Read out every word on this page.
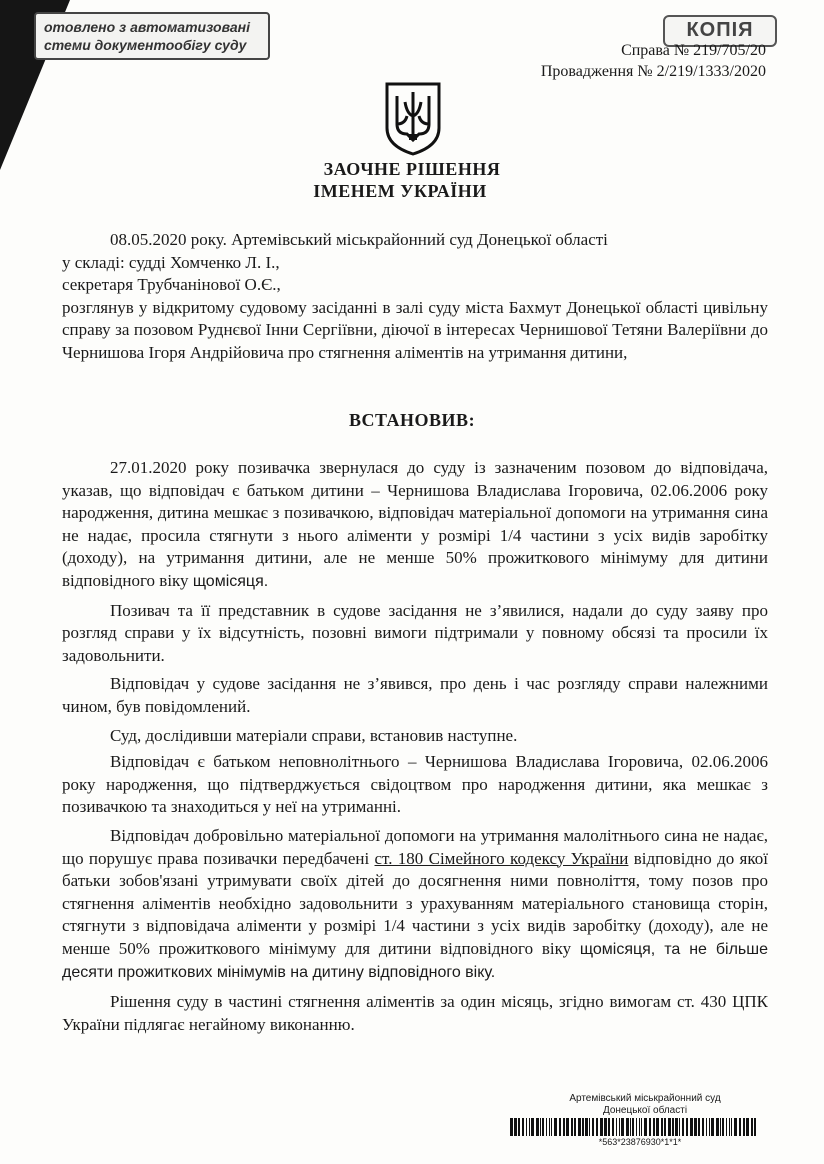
отовлено з автоматизовані
стеми документообігу суду
КОПІЯ
Справа № 219/705/20
Провадження № 2/219/1333/2020
ЗАОЧНЕ РІШЕННЯ
ІМЕНЕМ УКРАЇНИ

08.05.2020 року. Артемівський міськрайонний суд Донецької області

у складі: судді Хомченко Л. І.,

секретаря Трубчанінової О.Є.,

розглянув у відкритому судовому засіданні в залі суду міста Бахмут Донецької області цивільну справу за позовом Руднєвої Інни Сергіївни, діючої в інтересах Чернишової Тетяни Валеріївни до Чернишова Ігоря Андрійовича про стягнення аліментів на утримання дитини,

ВСТАНОВИВ:

27.01.2020 року позивачка звернулася до суду із зазначеним позовом до відповідача, указав, що відповідач є батьком дитини – Чернишова Владислава Ігоровича, 02.06.2006 року народження, дитина мешкає з позивачкою, відповідач матеріальної допомоги на утримання сина не надає, просила стягнути з нього аліменти у розмірі 1/4 частини з усіх видів заробітку (доходу), на утримання дитини, але не менше 50% прожиткового мінімуму для дитини відповідного віку щомісяця.

Позивач та її представник в судове засідання не з’явилися, надали до суду заяву про розгляд справи у їх відсутність, позовні вимоги підтримали у повному обсязі та просили їх задовольнити.

Відповідач у судове засідання не з’явився, про день і час розгляду справи належними чином, був повідомлений.

Суд, дослідивши матеріали справи, встановив наступне.

Відповідач є батьком неповнолітнього – Чернишова Владислава Ігоровича, 02.06.2006 року народження, що підтверджується свідоцтвом про народження дитини, яка мешкає з позивачкою та знаходиться у неї на утриманні.

Відповідач добровільно матеріальної допомоги на утримання малолітнього сина не надає, що порушує права позивачки передбачені ст. 180 Сімейного кодексу України відповідно до якої батьки зобов'язані утримувати своїх дітей до досягнення ними повноліття, тому позов про стягнення аліментів необхідно задовольнити з урахуванням матеріального становища сторін, стягнути з відповідача аліменти у розмірі 1/4 частини з усіх видів заробітку (доходу), але не менше 50% прожиткового мінімуму для дитини відповідного віку щомісяця, та не більше десяти прожиткових мінімумів на дитину відповідного віку.

Рішення суду в частині стягнення аліментів за один місяць, згідно вимогам ст. 430 ЦПК України підлягає негайному виконанню.

Артемівський міськрайонний суд
Донецької області
*563*23876930*1*1*
